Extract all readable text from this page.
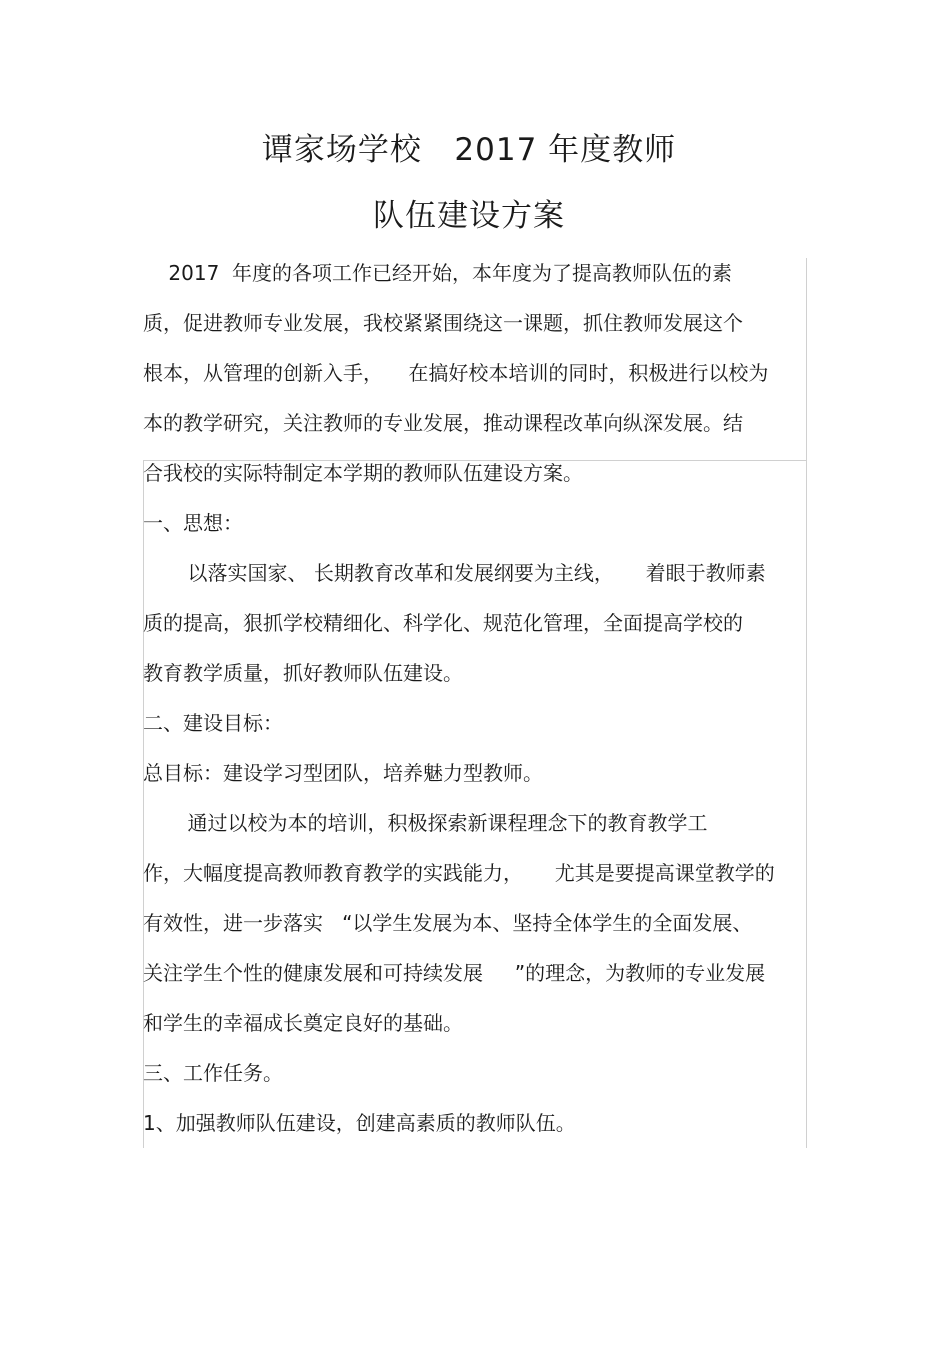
谭家场学校   2017 年度教师
队伍建设方案
2017  年度的各项工作已经开始，本年度为了提高教师队伍的素
质，促进教师专业发展，我校紧紧围绕这一课题，抓住教师发展这个
根本，从管理的创新入手，    在搞好校本培训的同时，积极进行以校为
本的教学研究，关注教师的专业发展，推动课程改革向纵深发展。结
合我校的实际特制定本学期的教师队伍建设方案。
一、思想：
以落实国家、 长期教育改革和发展纲要为主线，     着眼于教师素
质的提高，狠抓学校精细化、科学化、规范化管理，全面提高学校的
教育教学质量，抓好教师队伍建设。
二、建设目标：
总目标：建设学习型团队，培养魅力型教师。
通过以校为本的培训，积极探索新课程理念下的教育教学工
作，大幅度提高教师教育教学的实践能力，     尤其是要提高课堂教学的
有效性，进一步落实   “以学生发展为本、坚持全体学生的全面发展、
关注学生个性的健康发展和可持续发展     ”的理念，为教师的专业发展
和学生的幸福成长奠定良好的基础。
三、工作任务。
1、加强教师队伍建设，创建高素质的教师队伍。
